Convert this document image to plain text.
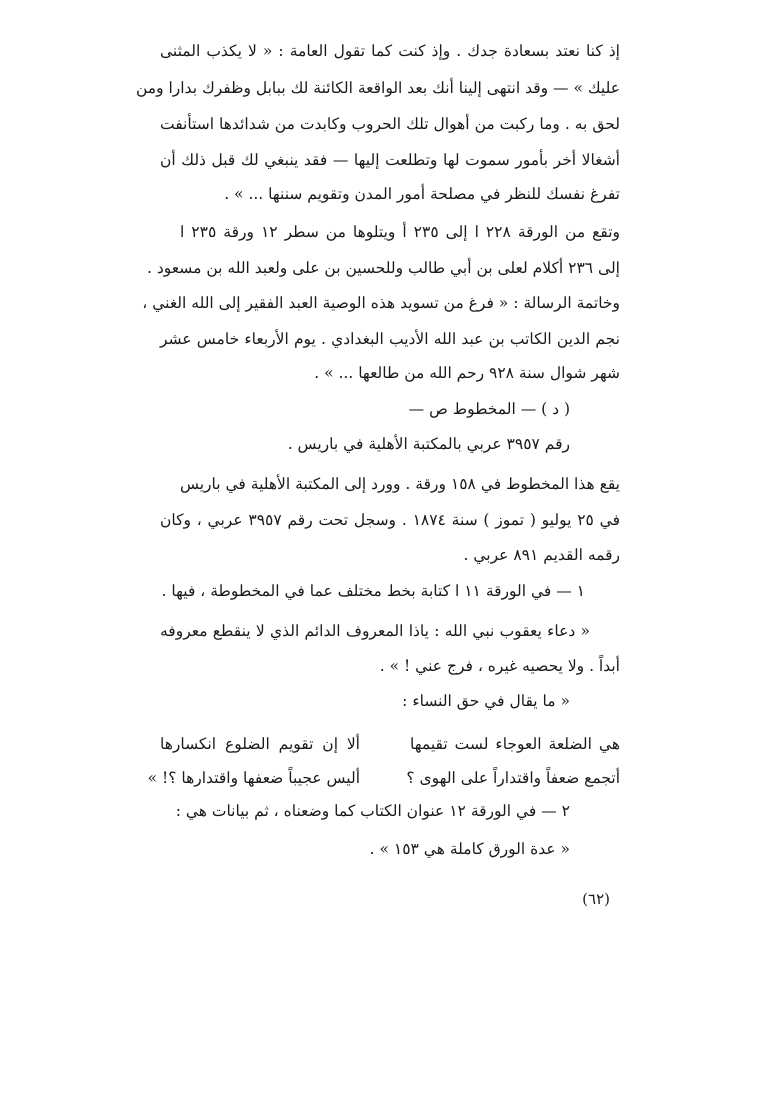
إذ كنا نعتد بسعادة جدك . وإذ كنت كما تقول العامة : « لا يكذب المثنى
عليك » — وقد انتهى إلينا أنك بعد الواقعة الكائنة لك ببابل وظفرك بدارا ومن
لحق به . وما ركبت من أهوال تلك الحروب وكابدت من شدائدها استأنفت
أشغالا أخر بأمور سموت لها وتطلعت إليها — فقد ينبغي لك قبل ذلك أن
تفرغ نفسك للنظر في مصلحة أمور المدن وتقويم سننها ... » .
وتقع من الورقة ٢٢٨ ا إلى ٢٣٥ أ ويتلوها من سطر ١٢ ورقة ٢٣٥ ا
إلى ٢٣٦ أكلام لعلى بن أبي طالب وللحسين بن على ولعبد الله بن مسعود .
وخاتمة الرسالة : « فرغ من تسويد هذه الوصية العبد الفقير إلى الله الغني ،
نجم الدين الكاتب بن عبد الله الأديب البغدادي . يوم الأربعاء خامس عشر
شهر شوال سنة ٩٢٨ رحم الله من طالعها ... » .
( د ) — المخطوط ص —
رقم ٣٩٥٧ عربي بالمكتبة الأهلية في باريس .
يقع هذا المخطوط في ١٥٨ ورقة . وورد إلى المكتبة الأهلية في باريس
في ٢٥ يوليو ( تموز ) سنة ١٨٧٤ . وسجل تحت رقم ٣٩٥٧ عربي ، وكان
رقمه القديم ٨٩١ عربي .
١ — في الورقة ١١ ا كتابة بخط مختلف عما في المخطوطة ، فيها .
« دعاء يعقوب نبي الله : ياذا المعروف الدائم الذي لا ينقطع معروفه
أبداً . ولا يحصيه غيره ، فرج عني ! » .
« ما يقال في حق النساء :
هي الضلعة العوجاء لست تقيمها
ألا إن تقويم الضلوع انكسارها
أتجمع ضعفاً واقتداراً على الهوى ؟
أليس عجيباً ضعفها واقتدارها ؟! »
٢ — في الورقة ١٢ عنوان الكتاب كما وضعناه ، ثم بيانات هي :
« عدة الورق كاملة هي ١٥٣ » .
(٦٢)
